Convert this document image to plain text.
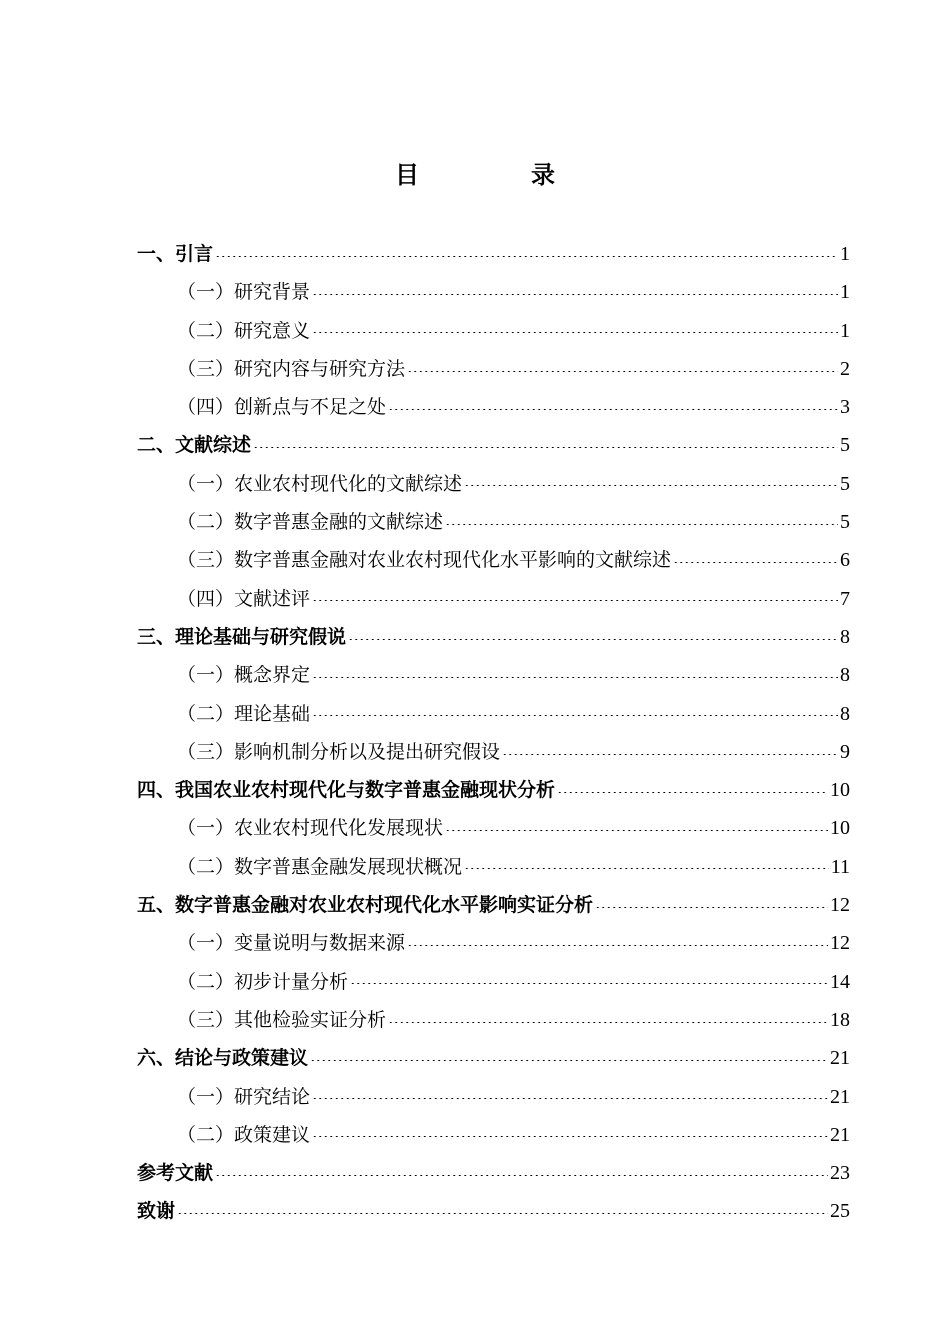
目　录
一、引言	1
（一）研究背景	1
（二）研究意义	1
（三）研究内容与研究方法	2
（四）创新点与不足之处	3
二、文献综述	5
（一）农业农村现代化的文献综述	5
（二）数字普惠金融的文献综述	5
（三）数字普惠金融对农业农村现代化水平影响的文献综述	6
（四）文献述评	7
三、理论基础与研究假说	8
（一）概念界定	8
（二）理论基础	8
（三）影响机制分析以及提出研究假设	9
四、我国农业农村现代化与数字普惠金融现状分析	10
（一）农业农村现代化发展现状	10
（二）数字普惠金融发展现状概况	11
五、数字普惠金融对农业农村现代化水平影响实证分析	12
（一）变量说明与数据来源	12
（二）初步计量分析	14
（三）其他检验实证分析	18
六、结论与政策建议	21
（一）研究结论	21
（二）政策建议	21
参考文献	23
致谢	25
